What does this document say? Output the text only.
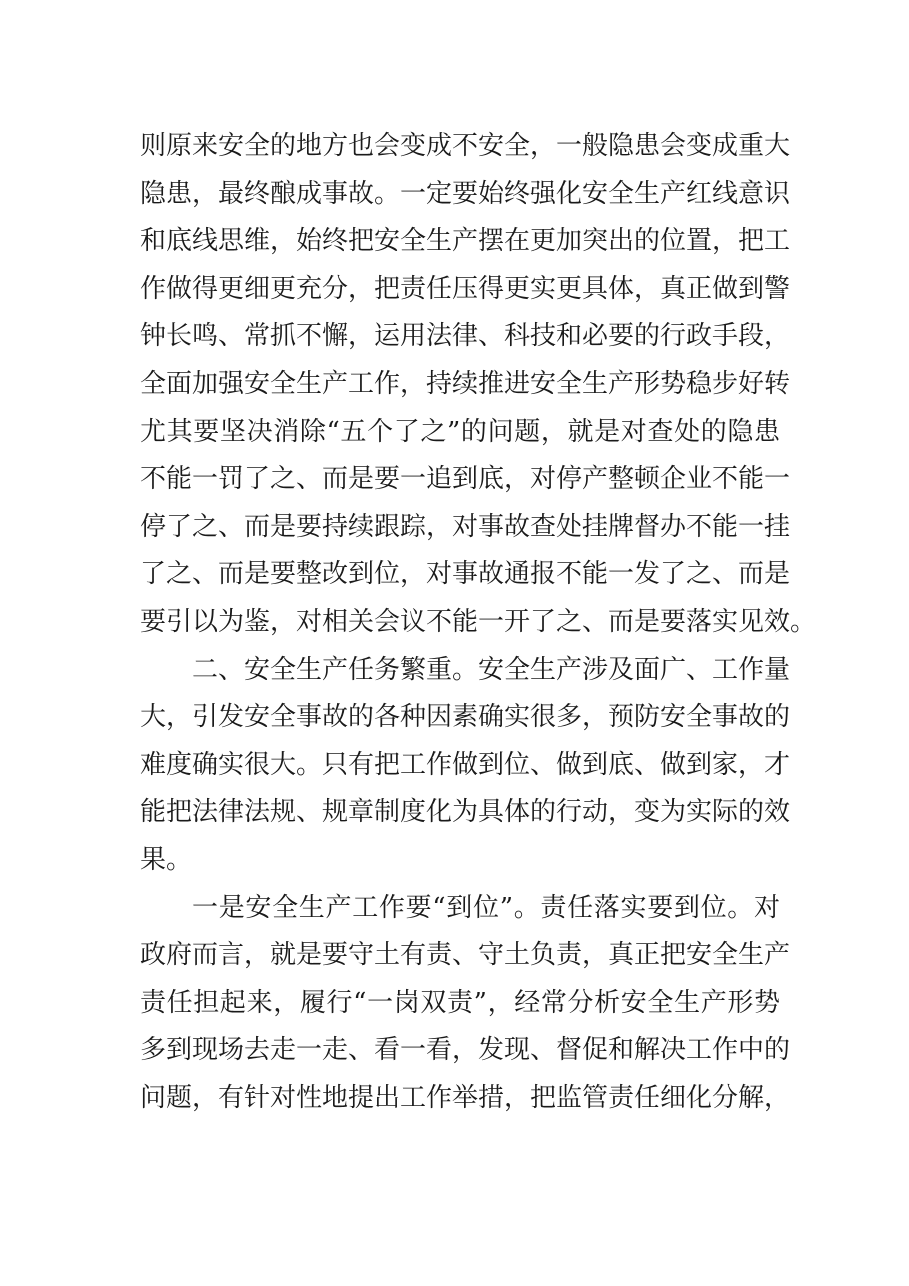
则原来安全的地方也会变成不安全，一般隐患会变成重大
隐患，最终酿成事故。一定要始终强化安全生产红线意识
和底线思维，始终把安全生产摆在更加突出的位置，把工
作做得更细更充分，把责任压得更实更具体，真正做到警
钟长鸣、常抓不懈，运用法律、科技和必要的行政手段，
全面加强安全生产工作，持续推进安全生产形势稳步好转
尤其要坚决消除“五个了之”的问题，就是对查处的隐患
不能一罚了之、而是要一追到底，对停产整顿企业不能一
停了之、而是要持续跟踪，对事故查处挂牌督办不能一挂
了之、而是要整改到位，对事故通报不能一发了之、而是
要引以为鉴，对相关会议不能一开了之、而是要落实见效。
二、安全生产任务繁重。安全生产涉及面广、工作量
大，引发安全事故的各种因素确实很多，预防安全事故的
难度确实很大。只有把工作做到位、做到底、做到家，才
能把法律法规、规章制度化为具体的行动，变为实际的效
果。
一是安全生产工作要“到位”。责任落实要到位。对
政府而言，就是要守土有责、守土负责，真正把安全生产
责任担起来，履行“一岗双责”，经常分析安全生产形势
多到现场去走一走、看一看，发现、督促和解决工作中的
问题，有针对性地提出工作举措，把监管责任细化分解，
